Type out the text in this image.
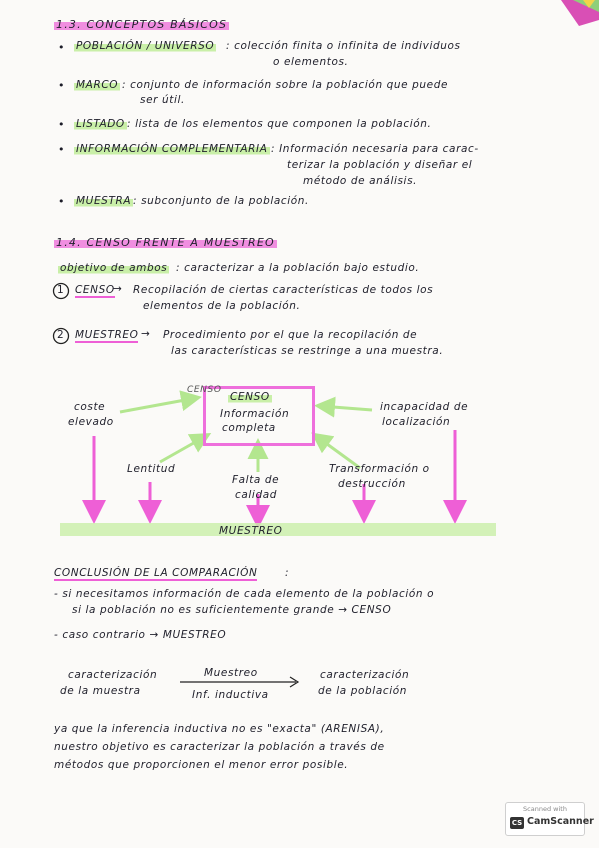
1.3. CONCEPTOS BÁSICOS
• POBLACIÓN / UNIVERSO : colección finita o infinita de individuos
o elementos.
• MARCO : conjunto de información sobre la población que puede
ser útil.
• LISTADO : lista de los elementos que componen la población.
• INFORMACIÓN COMPLEMENTARIA : Información necesaria para carac-
terizar la población y diseñar el
método de análisis.
• MUESTRA : subconjunto de la población.
1.4. CENSO FRENTE A MUESTREO
objetivo de ambos : caracterizar a la población bajo estudio.
1 CENSO
→ Recopilación de ciertas características de todos los
elementos de la población.
2 MUESTREO → Procedimiento por el que la recopilación de
las características se restringe a una muestra.
CENSO
CENSO
Información
completa
coste
elevado
incapacidad de
localización
Lentitud
Falta de
calidad
Transformación o
destrucción
MUESTREO
CONCLUSIÓN DE LA COMPARACIÓN	:
- si necesitamos información de cada elemento de la población o
si la población no es suficientemente grande → CENSO
- caso contrario → MUESTREO
caracterización
de la muestra
Muestreo
Inf. inductiva
caracterización
de la población
ya que la inferencia inductiva no es "exacta" (ARENISA),
nuestro objetivo es caracterizar la población a través de
métodos que proporcionen el menor error posible.
Scanned with
CS CamScanner
